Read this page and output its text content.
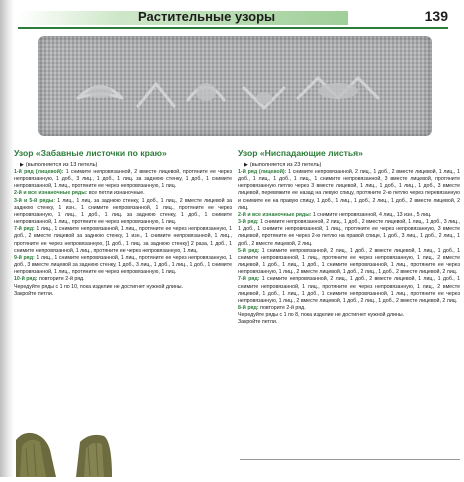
Растительные узоры	139
Узор «Забавные листочки по краю»
▶ (выполняется из 13 петель)

1-й ряд (лицевой): 1 снимите непровязанной, 2 вместе лицевой, протяните ее через непровязанную, 1 доб., 3 лиц., 1 доб., 1 лиц. за заднюю стенку, 1 доб., 1 снимите непровязанной, 1 лиц., протяните ее через непровязанную, 1 лиц.

2-й и все изнаночные ряды: все петли изнаночные.

3-й и 5-й ряды: 1 лиц., 1 лиц. за заднюю стенку, 1 доб., 1 лиц., 2 вместе лицевой за заднюю стенку, 1 изн., 1 снимите непровязанной, 1 лиц., протяните ее через непровязанную, 1 лиц., 1 доб., 1 лиц. за заднюю стенку, 1 доб., 1 снимите непровязанной, 1 лиц., протяните ее через непровязанную, 1 лиц.

7-й ряд: 1 лиц., 1 снимите непровязанной, 1 лиц., протяните ее через непровязанную, 1 доб., 2 вместе лицевой за заднюю стенку, 1 изн., 1 снимите непровязанной, 1 лиц., протяните ее через непровязанную, [1 доб., 1 лиц. за заднюю стенку] 2 раза, 1 доб., 1 снимите непровязанной, 1 лиц., протяните ее через непровязанную, 1 лиц.

9-й ряд: 1 лиц., 1 снимите непровязанной, 1 лиц., протяните ее через непровязанную, 1 доб., 3 вместе лицевой за заднюю стенку, 1 доб., 3 лиц., 1 доб., 1 лиц., 1 доб., 1 снимите непровязанной, 1 лиц., протяните ее через непровязанную, 1 лиц.

10-й ряд: повторите 2-й ряд.

Чередуйте ряды с 1 по 10, пока изделие не достигнет нужной длины.

Закройте петли.

Узор «Ниспадающие листья»
▶ (выполняется из 23 петель)

1-й ряд (лицевой): 1 снимите непровязанной, 2 лиц., 1 доб., 2 вместе лицевой, 1 лиц., 1 доб., 1 лиц., 1 доб., 1 лиц., 1 снимите непровязанной, 3 вместе лицевой, протяните непровязанную петлю через 3 вместе лицевой, 1 лиц., 1 доб., 1 лиц., 1 доб., 3 вместе лицевой, перевяжите ее назад на левую спицу, протяните 2-ю петлю через перевязанную и снимите ее на правую спицу, 1 доб., 1 лиц., 1 доб., 2 лиц., 1 доб., 2 вместе лицевой, 2 лиц.

2-й и все изнаночные ряды: 1 снимите непровязанной, 4 лиц., 13 изн., 5 лиц.

3-й ряд: 1 снимите непровязанной, 2 лиц., 1 доб., 2 вместе лицевой, 1 лиц., 1 доб., 3 лиц., 1 доб., 1 снимите непровязанной, 1 лиц., протяните ее через непровязанную, 3 вместе лицевой, протяните ее через 2-ю петлю на правой спице, 1 доб., 3 лиц., 1 доб., 2 лиц., 1 доб., 2 вместе лицевой, 2 лиц.

5-й ряд: 1 снимите непровязанной, 2 лиц., 1 доб., 2 вместе лицевой, 1 лиц., 1 доб., 1 снимите непровязанной, 1 лиц., протяните ее через непровязанную, 1 лиц., 2 вместе лицевой, 1 доб., 1 лиц., 1 доб., 1 снимите непровязанной, 1 лиц., протяните ее через непровязанную, 1 лиц., 2 вместе лицевой, 1 доб., 2 лиц., 1 доб., 2 вместе лицевой, 2 лиц.

7-й ряд: 1 снимите непровязанной, 2 лиц., 1 доб., 2 вместе лицевой, 1 лиц., 1 доб., 1 снимите непровязанной, 1 лиц., протяните ее через непровязанную, 1 лиц., 2 вместе лицевой, 1 доб., 1 лиц., 1 доб., 1 снимите непровязанной, 1 лиц., протяните ее через непровязанную, 1 лиц., 2 вместе лицевой, 1 доб., 2 лиц., 1 доб., 2 вместе лицевой, 2 лиц.

8-й ряд: повторите 2-й ряд.

Чередуйте ряды с 1 по 8, пока изделие не достигнет нужной длины.

Закройте петли.
